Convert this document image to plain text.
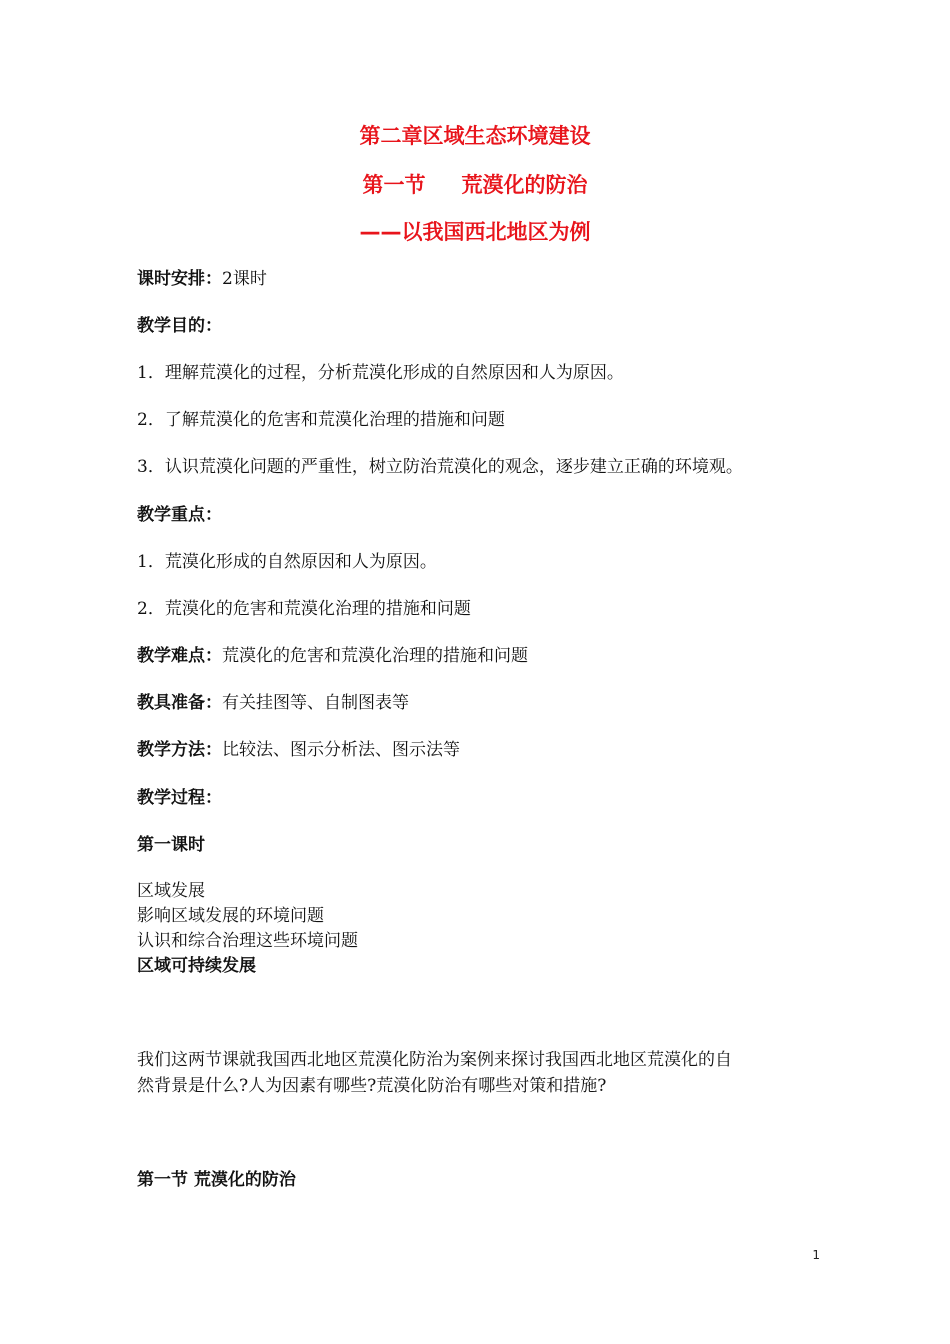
第二章区域生态环境建设
第一节 荒漠化的防治
——以我国西北地区为例
课时安排：2课时
教学目的：
1．理解荒漠化的过程，分析荒漠化形成的自然原因和人为原因。
2．了解荒漠化的危害和荒漠化治理的措施和问题
3．认识荒漠化问题的严重性，树立防治荒漠化的观念，逐步建立正确的环境观。
教学重点：
1．荒漠化形成的自然原因和人为原因。
2．荒漠化的危害和荒漠化治理的措施和问题
教学难点：荒漠化的危害和荒漠化治理的措施和问题
教具准备：有关挂图等、自制图表等
教学方法：比较法、图示分析法、图示法等
教学过程：
第一课时
区域发展
影响区域发展的环境问题
认识和综合治理这些环境问题
区域可持续发展
我们这两节课就我国西北地区荒漠化防治为案例来探讨我国西北地区荒漠化的自
然背景是什么?人为因素有哪些?荒漠化防治有哪些对策和措施?
第一节 荒漠化的防治
1
